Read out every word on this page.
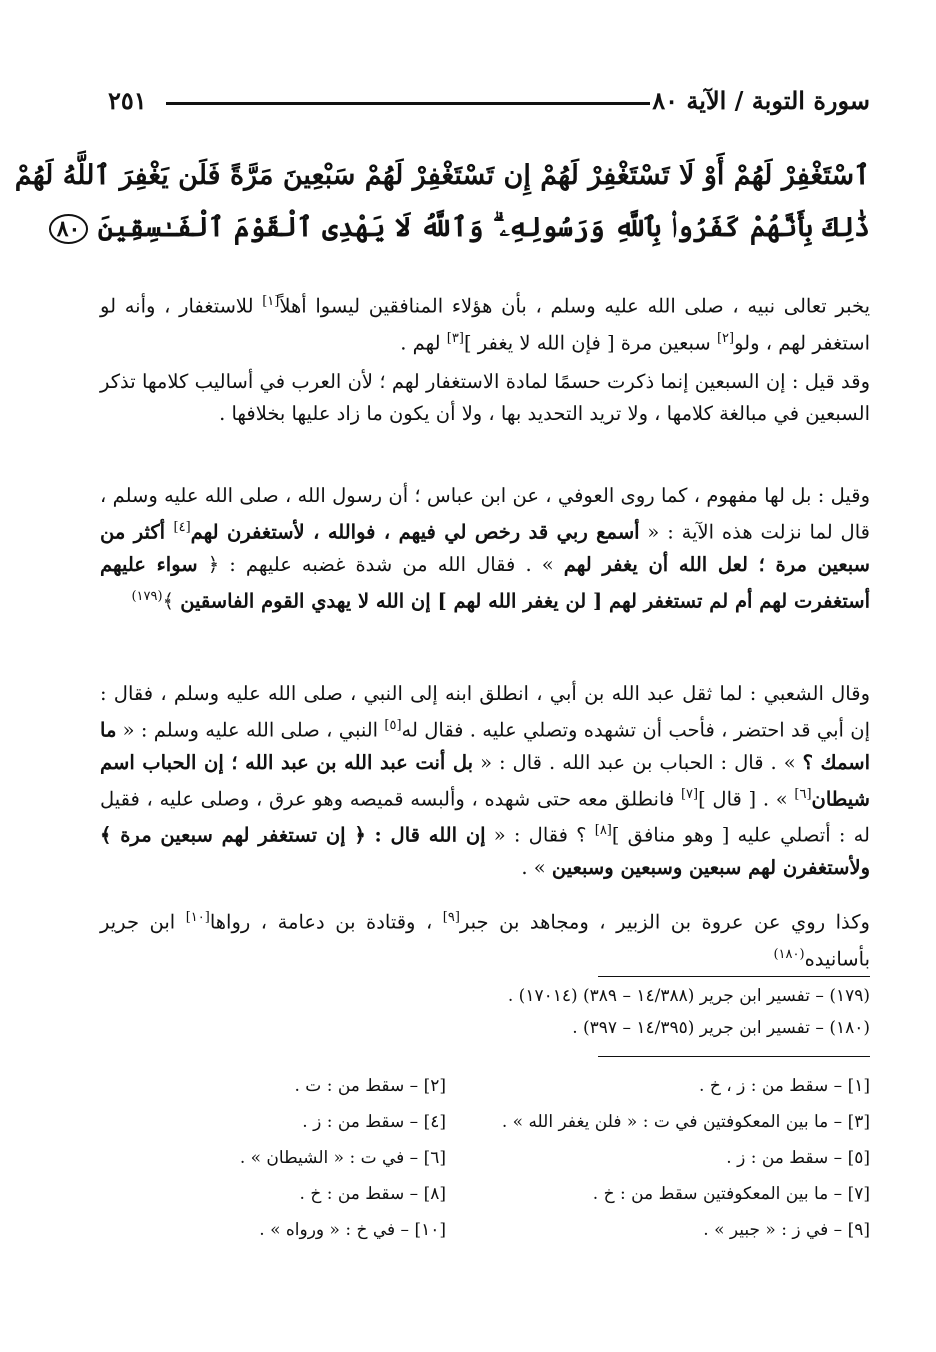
سورة التوبة / الآية ٨٠
٢٥١
ٱسْتَغْفِرْ لَهُمْ أَوْ لَا تَسْتَغْفِرْ لَهُمْ إِن تَسْتَغْفِرْ لَهُمْ سَبْعِينَ مَرَّةً فَلَن يَغْفِرَ ٱللَّهُ لَهُمْ
ذَٰلِكَ بِأَنَّهُمْ كَفَرُوا۟ بِٱللَّهِ وَرَسُولِهِۦ ۗ وَٱللَّهُ لَا يَهْدِى ٱلْقَوْمَ ٱلْفَـٰسِقِينَ ٨٠

يخبر تعالى نبيه ، صلى الله عليه وسلم ، بأن هؤلاء المنافقين ليسوا أهلاً[١] للاستغفار ، وأنه لو استغفر لهم ، ولو[٢] سبعين مرة [ فإن الله لا يغفر ][٣] لهم .

وقد قيل : إن السبعين إنما ذكرت حسمًا لمادة الاستغفار لهم ؛ لأن العرب في أساليب كلامها تذكر السبعين في مبالغة كلامها ، ولا تريد التحديد بها ، ولا أن يكون ما زاد عليها بخلافها .

وقيل : بل لها مفهوم ، كما روى العوفي ، عن ابن عباس ؛ أن رسول الله ، صلى الله عليه وسلم ، قال لما نزلت هذه الآية : « أسمع ربي قد رخص لي فيهم ، فوالله ، لأستغفرن لهم[٤] أكثر من سبعين مرة ؛ لعل الله أن يغفر لهم » . فقال الله من شدة غضبه عليهم : ﴿ سواء عليهم أستغفرت لهم أم لم تستغفر لهم [ لن يغفر الله لهم ] إن الله لا يهدي القوم الفاسقين ﴾$^{(١٧٩)}$

وقال الشعبي : لما ثقل عبد الله بن أبي ، انطلق ابنه إلى النبي ، صلى الله عليه وسلم ، فقال : إن أبي قد احتضر ، فأحب أن تشهده وتصلي عليه . فقال له[٥] النبي ، صلى الله عليه وسلم : « ما اسمك ؟ » . قال : الحباب بن عبد الله . قال : « بل أنت عبد الله بن عبد الله ؛ إن الحباب اسم شيطان[٦] » . [ قال ][٧] فانطلق معه حتى شهده ، وألبسه قميصه وهو عرق ، وصلى عليه ، فقيل له : أتصلي عليه [ وهو منافق ][٨] ؟ فقال : « إن الله قال : ﴿ إن تستغفر لهم سبعين مرة ﴾ ولأستغفرن لهم سبعين وسبعين وسبعين » .

وكذا روي عن عروة بن الزبير ، ومجاهد بن جبر[٩] ، وقتادة بن دعامة ، رواها[١٠] ابن جرير بأسانيده$^{(١٨٠)}$

(١٧٩) – تفسير ابن جرير (١٤/٣٨٨ – ٣٨٩) (١٧٠١٤) .
(١٨٠) – تفسير ابن جرير (١٤/٣٩٥ – ٣٩٧) .
[١] – سقط من : ز ، خ .
[٢] – سقط من : ت .
[٣] – ما بين المعكوفتين في ت : « فلن يغفر الله » .
[٤] – سقط من : ز .
[٥] – سقط من : ز .
[٦] – في ت : « الشيطان » .
[٧] – ما بين المعكوفتين سقط من : خ .
[٨] – سقط من : خ .
[٩] – في ز : « جبير » .
[١٠] – في خ : « ورواه » .
